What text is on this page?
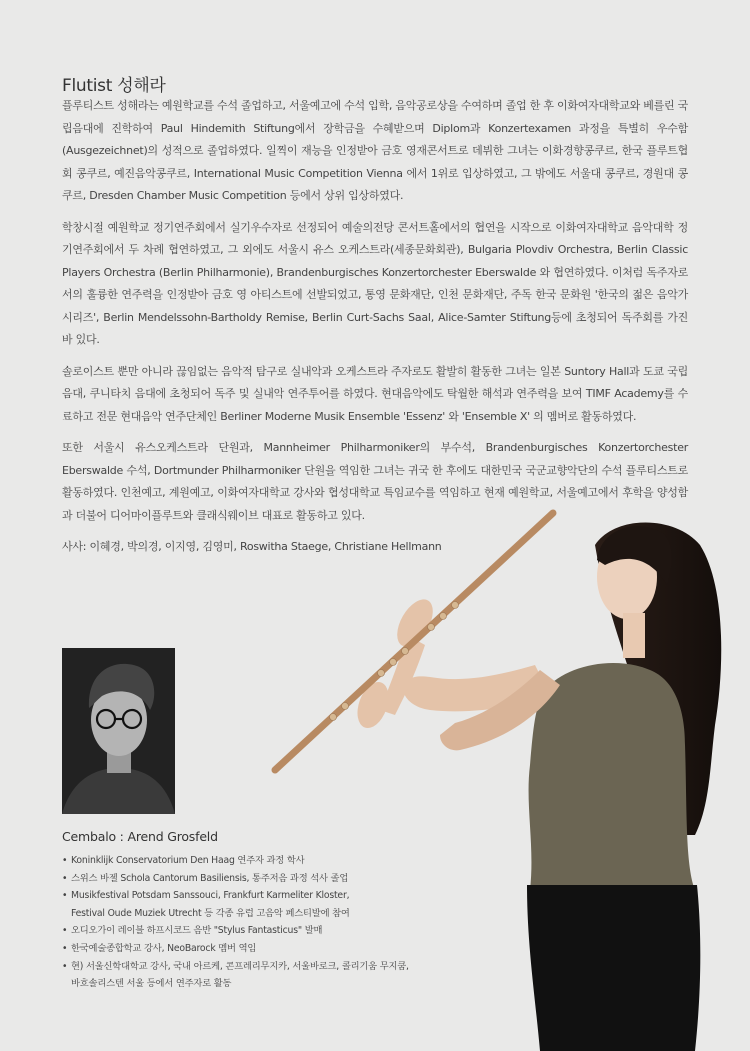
Flutist 성해라

플루티스트 성해라는 예원학교를 수석 졸업하고, 서울예고에 수석 입학, 음악공로상을 수여하며 졸업 한 후 이화여자대학교와 베를린 국립음대에 진학하여 Paul Hindemith Stiftung에서 장학금을 수혜받으며 Diplom과 Konzertexamen 과정을 특별히 우수함(Ausgezeichnet)의 성적으로 졸업하였다. 일찍이 재능을 인정받아 금호 영재콘서트로 데뷔한 그녀는 이화경향콩쿠르, 한국 플루트협회 콩쿠르, 예진음악콩쿠르, International Music Competition Vienna 에서 1위로 입상하였고, 그 밖에도 서울대 콩쿠르, 경원대 콩쿠르, Dresden Chamber Music Competition 등에서 상위 입상하였다.

학창시절 예원학교 정기연주회에서 실기우수자로 선정되어 예술의전당 콘서트홀에서의 협연을 시작으로 이화여자대학교 음악대학 정기연주회에서 두 차례 협연하였고, 그 외에도 서울시 유스 오케스트라(세종문화회관), Bulgaria Plovdiv Orchestra, Berlin Classic Players Orchestra (Berlin Philharmonie), Brandenburgisches Konzertorchester Eberswalde 와 협연하였다. 이처럼 독주자로서의 훌륭한 연주력을 인정받아 금호 영 아티스트에 선발되었고, 통영 문화재단, 인천 문화재단, 주독 한국 문화원 '한국의 젊은 음악가 시리즈', Berlin Mendelssohn-Bartholdy Remise, Berlin Curt-Sachs Saal, Alice-Samter Stiftung등에 초청되어 독주회를 가진 바 있다.

솔로이스트 뿐만 아니라 끊임없는 음악적 탐구로 실내악과 오케스트라 주자로도 활발히 활동한 그녀는 일본 Suntory Hall과 도쿄 국립음대, 쿠니타치 음대에 초청되어 독주 및 실내악 연주투어를 하였다. 현대음악에도 탁월한 해석과 연주력을 보여 TIMF Academy를 수료하고 전문 현대음악 연주단체인 Berliner Moderne Musik Ensemble 'Essenz' 와 'Ensemble X' 의 멤버로 활동하였다.

또한 서울시 유스오케스트라 단원과, Mannheimer Philharmoniker의 부수석, Brandenburgisches Konzertorchester Eberswalde 수석, Dortmunder Philharmoniker 단원을 역임한 그녀는 귀국 한 후에도 대한민국 국군교향악단의 수석 플루티스트로 활동하였다. 인천예고, 계원예고, 이화여자대학교 강사와 협성대학교 특임교수를 역임하고 현재 예원학교, 서울예고에서 후학을 양성함과 더불어 디어마이플루트와 클래식웨이브 대표로 활동하고 있다.

사사: 이혜경, 박의경, 이지영, 김영미, Roswitha Staege, Christiane Hellmann

Cembalo : Arend Grosfeld
• Koninklijk Conservatorium Den Haag 연주자 과정 학사
• 스위스 바젤 Schola Cantorum Basiliensis, 통주저음 과정 석사 졸업
• Musikfestival Potsdam Sanssouci, Frankfurt Karmeliter Kloster,
Festival Oude Muziek Utrecht 등 각종 유럽 고음악 페스티발에 참여
• 오디오가이 레이블 하프시코드 음반 "Stylus Fantasticus" 발매
• 한국예술종합학교 강사, NeoBarock 멤버 역임
• 현) 서울신학대학교 강사, 국내 아르케, 콘프레리무지카, 서울바로크, 콜리기움 무지쿰,
바흐솔리스텐 서울 등에서 연주자로 활동
